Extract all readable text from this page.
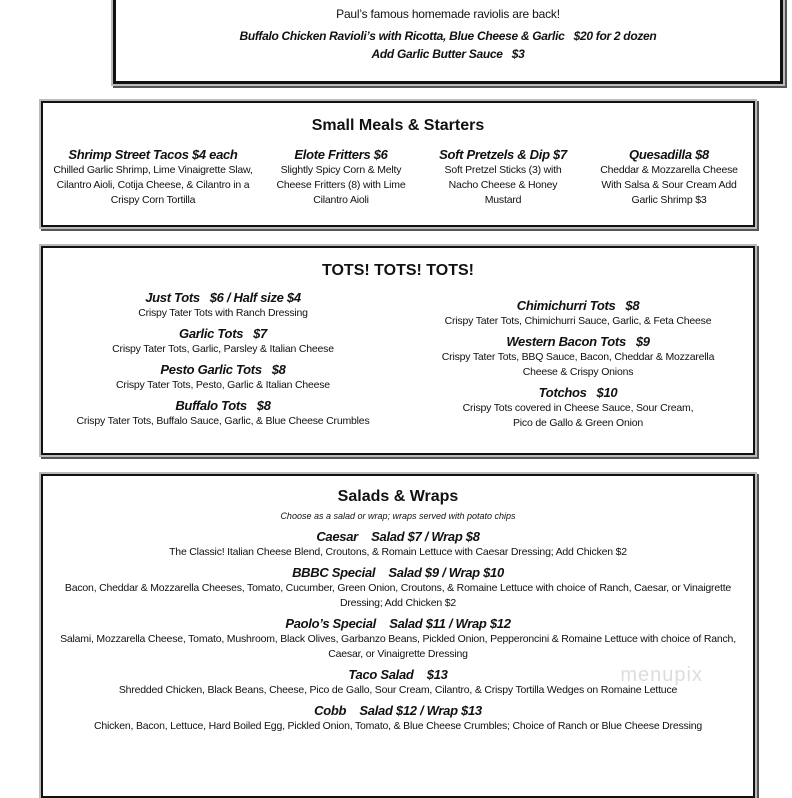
Paul’s famous homemade raviolis are back!
Buffalo Chicken Ravioli’s with Ricotta, Blue Cheese & Garlic   $20 for 2 dozen
Add Garlic Butter Sauce   $3
Small Meals & Starters
Shrimp Street Tacos $4 each
Chilled Garlic Shrimp, Lime Vinaigrette Slaw, Cilantro Aioli, Cotija Cheese, & Cilantro in a Crispy Corn Tortilla
Elote Fritters $6
Slightly Spicy Corn & Melty Cheese Fritters (8) with Lime Cilantro Aioli
Soft Pretzels & Dip $7
Soft Pretzel Sticks (3) with Nacho Cheese & Honey Mustard
Quesadilla $8
Cheddar & Mozzarella Cheese With Salsa & Sour Cream Add Garlic Shrimp $3
TOTS! TOTS! TOTS!
Just Tots   $6 / Half size $4
Crispy Tater Tots with Ranch Dressing
Garlic Tots   $7
Crispy Tater Tots, Garlic, Parsley & Italian Cheese
Pesto Garlic Tots   $8
Crispy Tater Tots, Pesto, Garlic & Italian Cheese
Buffalo Tots   $8
Crispy Tater Tots, Buffalo Sauce, Garlic, & Blue Cheese Crumbles
Chimichurri Tots   $8
Crispy Tater Tots, Chimichurri Sauce, Garlic, & Feta Cheese
Western Bacon Tots   $9
Crispy Tater Tots, BBQ Sauce, Bacon, Cheddar & Mozzarella Cheese & Crispy Onions
Totchos   $10
Crispy Tots covered in Cheese Sauce, Sour Cream, Pico de Gallo & Green Onion
Salads & Wraps
Choose as a salad or wrap; wraps served with potato chips
Caesar    Salad $7 / Wrap $8
The Classic! Italian Cheese Blend, Croutons, & Romain Lettuce with Caesar Dressing; Add Chicken $2
BBBC Special    Salad $9 / Wrap $10
Bacon, Cheddar & Mozzarella Cheeses, Tomato, Cucumber, Green Onion, Croutons, & Romaine Lettuce with choice of Ranch, Caesar, or Vinaigrette Dressing; Add Chicken $2
Paolo’s Special    Salad $11 / Wrap $12
Salami, Mozzarella Cheese, Tomato, Mushroom, Black Olives, Garbanzo Beans, Pickled Onion, Pepperoncini & Romaine Lettuce with choice of Ranch, Caesar, or Vinaigrette Dressing
Taco Salad    $13	menupix
Shredded Chicken, Black Beans, Cheese, Pico de Gallo, Sour Cream, Cilantro, & Crispy Tortilla Wedges on Romaine Lettuce
Cobb    Salad $12 / Wrap $13
Chicken, Bacon, Lettuce, Hard Boiled Egg, Pickled Onion, Tomato, & Blue Cheese Crumbles; Choice of Ranch or Blue Cheese Dressing
